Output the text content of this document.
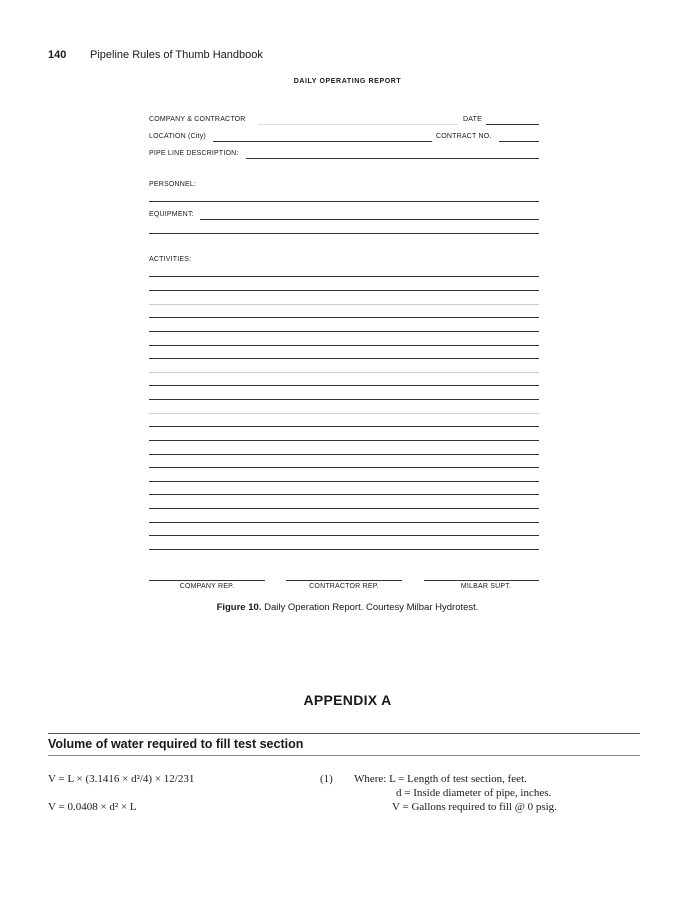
140 Pipeline Rules of Thumb Handbook
DAILY OPERATING REPORT
COMPANY & CONTRACTOR	DATE
LOCATION (City)	CONTRACT NO.
PIPE LINE DESCRIPTION:
PERSONNEL:
EQUIPMENT:
ACTIVITIES:
COMPANY REP.	CONTRACTOR REP.	MILBAR SUPT.
Figure 10. Daily Operation Report. Courtesy Milbar Hydrotest.
APPENDIX A
Volume of water required to fill test section
V = L × (3.1416 × d²/4) × 12/231
V = 0.0408 × d² × L
(1) Where: L = Length of test section, feet.
d = Inside diameter of pipe, inches.
V = Gallons required to fill @ 0 psig.
